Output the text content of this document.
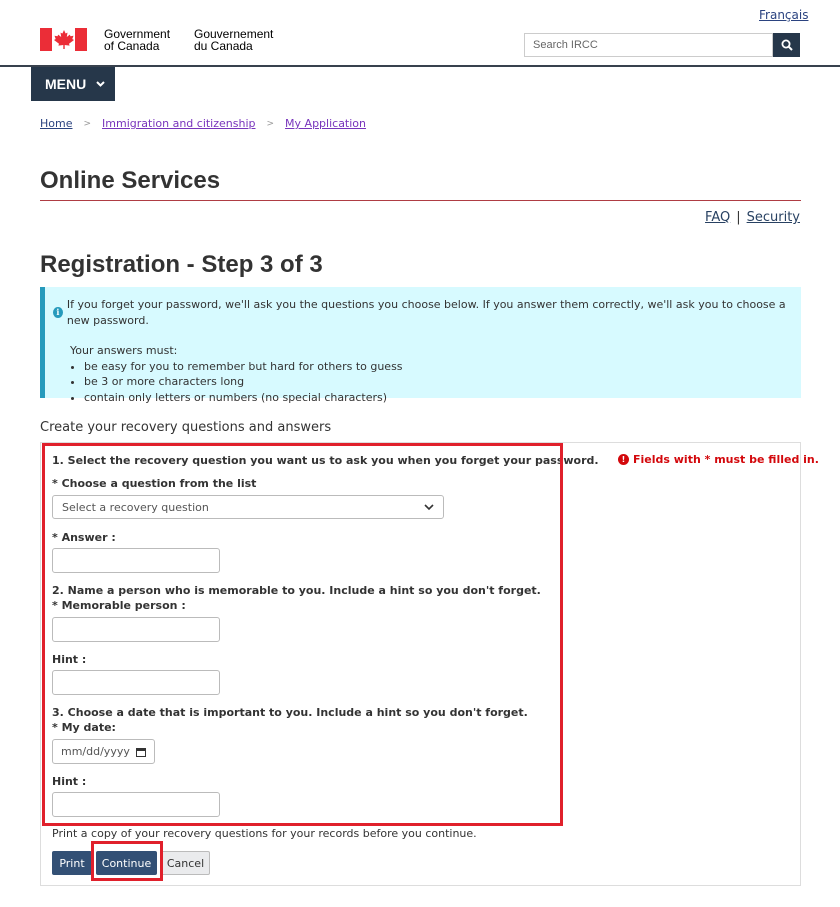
Français
Government
of Canada
Gouvernement
du Canada	Search IRCC
MENU
Home > Immigration and citizenship > My Application
Online Services
FAQ | Security
Registration - Step 3 of 3
i
If you forget your password, we'll ask you the questions you choose below. If you answer them correctly, we'll ask you to choose a new password.
Your answers must:
• be easy for you to remember but hard for others to guess
• be 3 or more characters long
• contain only letters or numbers (no special characters)
Create your recovery questions and answers
! Fields with * must be filled in.
1. Select the recovery question you want us to ask you when you forget your password.
* Choose a question from the list
Select a recovery question
* Answer :
2. Name a person who is memorable to you. Include a hint so you don't forget.
* Memorable person :
Hint :
3. Choose a date that is important to you. Include a hint so you don't forget.
* My date:
mm/dd/yyyy
Hint :
Print a copy of your recovery questions for your records before you continue.
Print	Continue	Cancel
